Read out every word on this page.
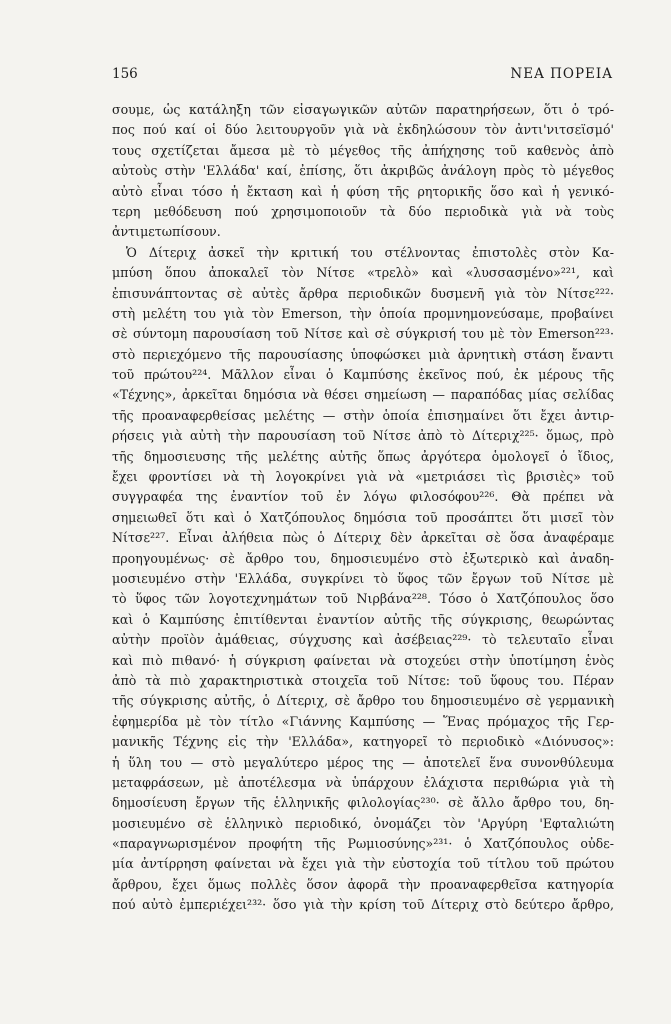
156	ΝΕΑ ΠΟΡΕΙΑ
σουμε, ὡς κατάληξη τῶν εἰσαγωγικῶν αὐτῶν παρατηρήσεων, ὅτι ὁ τρό-
πος πού καί οἱ δύο λειτουργοῦν γιὰ νὰ ἐκδηλώσουν τὸν ἀντι'νιτσεϊσμό'
τους σχετίζεται ἄμεσα μὲ τὸ μέγεθος τῆς ἀπήχησης τοῦ καθενὸς ἀπὸ
αὐτοὺς στὴν 'Ελλάδα' καί, ἐπίσης, ὅτι ἀκριβῶς ἀνάλογη πρὸς τὸ μέγεθος
αὐτὸ εἶναι τόσο ἡ ἔκταση καὶ ἡ φύση τῆς ρητορικῆς ὅσο καὶ ἡ γενικό-
τερη μεθόδευση πού χρησιμοποιοῦν τὰ δύο περιοδικὰ γιὰ νὰ τοὺς
ἀντιμετωπίσουν.
Ὁ Δίτεριχ ἀσκεῖ τὴν κριτική του στέλνοντας ἐπιστολὲς στὸν Κα-
μπύση ὅπου ἀποκαλεῖ τὸν Νίτσε «τρελὸ» καὶ «λυσσασμένο»²²¹, καὶ
ἐπισυνάπτοντας σὲ αὐτὲς ἄρθρα περιοδικῶν δυσμενῆ γιὰ τὸν Νίτσε²²²·
στὴ μελέτη του γιὰ τὸν Emerson, τὴν ὁποία προμνημονεύσαμε, προβαίνει
σὲ σύντομη παρουσίαση τοῦ Νίτσε καὶ σὲ σύγκρισή του μὲ τὸν Emerson²²³·
στὸ περιεχόμενο τῆς παρουσίασης ὑποφώσκει μιὰ ἀρνητικὴ στάση ἔναντι
τοῦ πρώτου²²⁴. Μᾶλλον εἶναι ὁ Καμπύσης ἐκεῖνος πού, ἐκ μέρους τῆς
«Τέχνης», ἀρκεῖται δημόσια νὰ θέσει σημείωση — παραπόδας μίας σελίδας
τῆς προαναφερθείσας μελέτης — στὴν ὁποία ἐπισημαίνει ὅτι ἔχει ἀντιρ-
ρήσεις γιὰ αὐτὴ τὴν παρουσίαση τοῦ Νίτσε ἀπὸ τὸ Δίτεριχ²²⁵· ὅμως, πρὸ
τῆς δημοσιευσης τῆς μελέτης αὐτῆς ὅπως ἀργότερα ὁμολογεῖ ὁ ἴδιος,
ἔχει φροντίσει νὰ τὴ λογοκρίνει γιὰ νὰ «μετριάσει τὶς βρισιὲς» τοῦ
συγγραφέα της ἐναντίον τοῦ ἐν λόγω φιλοσόφου²²⁶. Θὰ πρέπει νὰ
σημειωθεῖ ὅτι καὶ ὁ Χατζόπουλος δημόσια τοῦ προσάπτει ὅτι μισεῖ τὸν
Νίτσε²²⁷. Εἶναι ἀλήθεια πὼς ὁ Δίτεριχ δὲν ἀρκεῖται σὲ ὅσα ἀναφέραμε
προηγουμένως· σὲ ἄρθρο του, δημοσιευμένο στὸ ἐξωτερικὸ καὶ ἀναδη-
μοσιευμένο στὴν 'Ελλάδα, συγκρίνει τὸ ὕφος τῶν ἔργων τοῦ Νίτσε μὲ
τὸ ὕφος τῶν λογοτεχνημάτων τοῦ Νιρβάνα²²⁸. Τόσο ὁ Χατζόπουλος ὅσο
καὶ ὁ Καμπύσης ἐπιτίθενται ἐναντίον αὐτῆς τῆς σύγκρισης, θεωρώντας
αὐτὴν προϊὸν ἀμάθειας, σύγχυσης καὶ ἀσέβειας²²⁹· τὸ τελευταῖο εἶναι
καὶ πιὸ πιθανό· ἡ σύγκριση φαίνεται νὰ στοχεύει στὴν ὑποτίμηση ἑνὸς
ἀπὸ τὰ πιὸ χαρακτηριστικὰ στοιχεῖα τοῦ Νίτσε: τοῦ ὕφους του. Πέραν
τῆς σύγκρισης αὐτῆς, ὁ Δίτεριχ, σὲ ἄρθρο του δημοσιευμένο σὲ γερμανικὴ
ἐφημερίδα μὲ τὸν τίτλο «Γιάννης Καμπύσης — Ἕνας πρόμαχος τῆς Γερ-
μανικῆς Τέχνης εἰς τὴν 'Ελλάδα», κατηγορεῖ τὸ περιοδικὸ «Διόνυσος»:
ἡ ὕλη του — στὸ μεγαλύτερο μέρος της — ἀποτελεῖ ἕνα συνονθύλευμα
μεταφράσεων, μὲ ἀποτέλεσμα νὰ ὑπάρχουν ἐλάχιστα περιθώρια γιὰ τὴ
δημοσίευση ἔργων τῆς ἑλληνικῆς φιλολογίας²³⁰· σὲ ἄλλο ἄρθρο του, δη-
μοσιευμένο σὲ ἑλληνικὸ περιοδικό, ὀνομάζει τὸν 'Αργύρη 'Εφταλιώτη
«παραγνωρισμένον προφήτη τῆς Ρωμιοσύνης»²³¹· ὁ Χατζόπουλος οὐδε-
μία ἀντίρρηση φαίνεται νὰ ἔχει γιὰ τὴν εὐστοχία τοῦ τίτλου τοῦ πρώτου
ἄρθρου, ἔχει ὅμως πολλὲς ὅσον ἀφορᾶ τὴν προαναφερθεῖσα κατηγορία
πού αὐτὸ ἐμπεριέχει²³²· ὅσο γιὰ τὴν κρίση τοῦ Δίτεριχ στὸ δεύτερο ἄρθρο,
